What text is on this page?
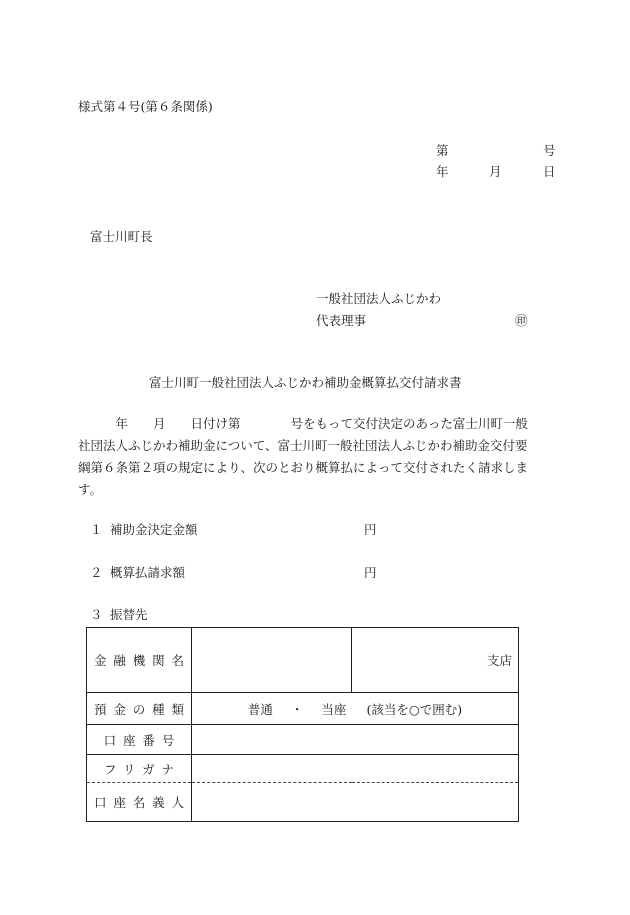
様式第４号(第６条関係)
第	号
年	月	日
富士川町長
一般社団法人ふじかわ
代表理事	㊞
富士川町一般社団法人ふじかわ補助金概算払交付請求書
　　　年　　月　　日付け第　　　　号をもって交付決定のあった富士川町一般
社団法人ふじかわ補助金について、富士川町一般社団法人ふじかわ補助金交付要
綱第６条第２項の規定により、次のとおり概算払によって交付されたく請求しま
す。
１ 補助金決定金額	円
２ 概算払請求額	円
３ 振替先
金融機関名		支店
預金の種類	普通 ・ 当座 (該当を○で囲む)	
口座番号		
フリガナ		
口座名義人		
